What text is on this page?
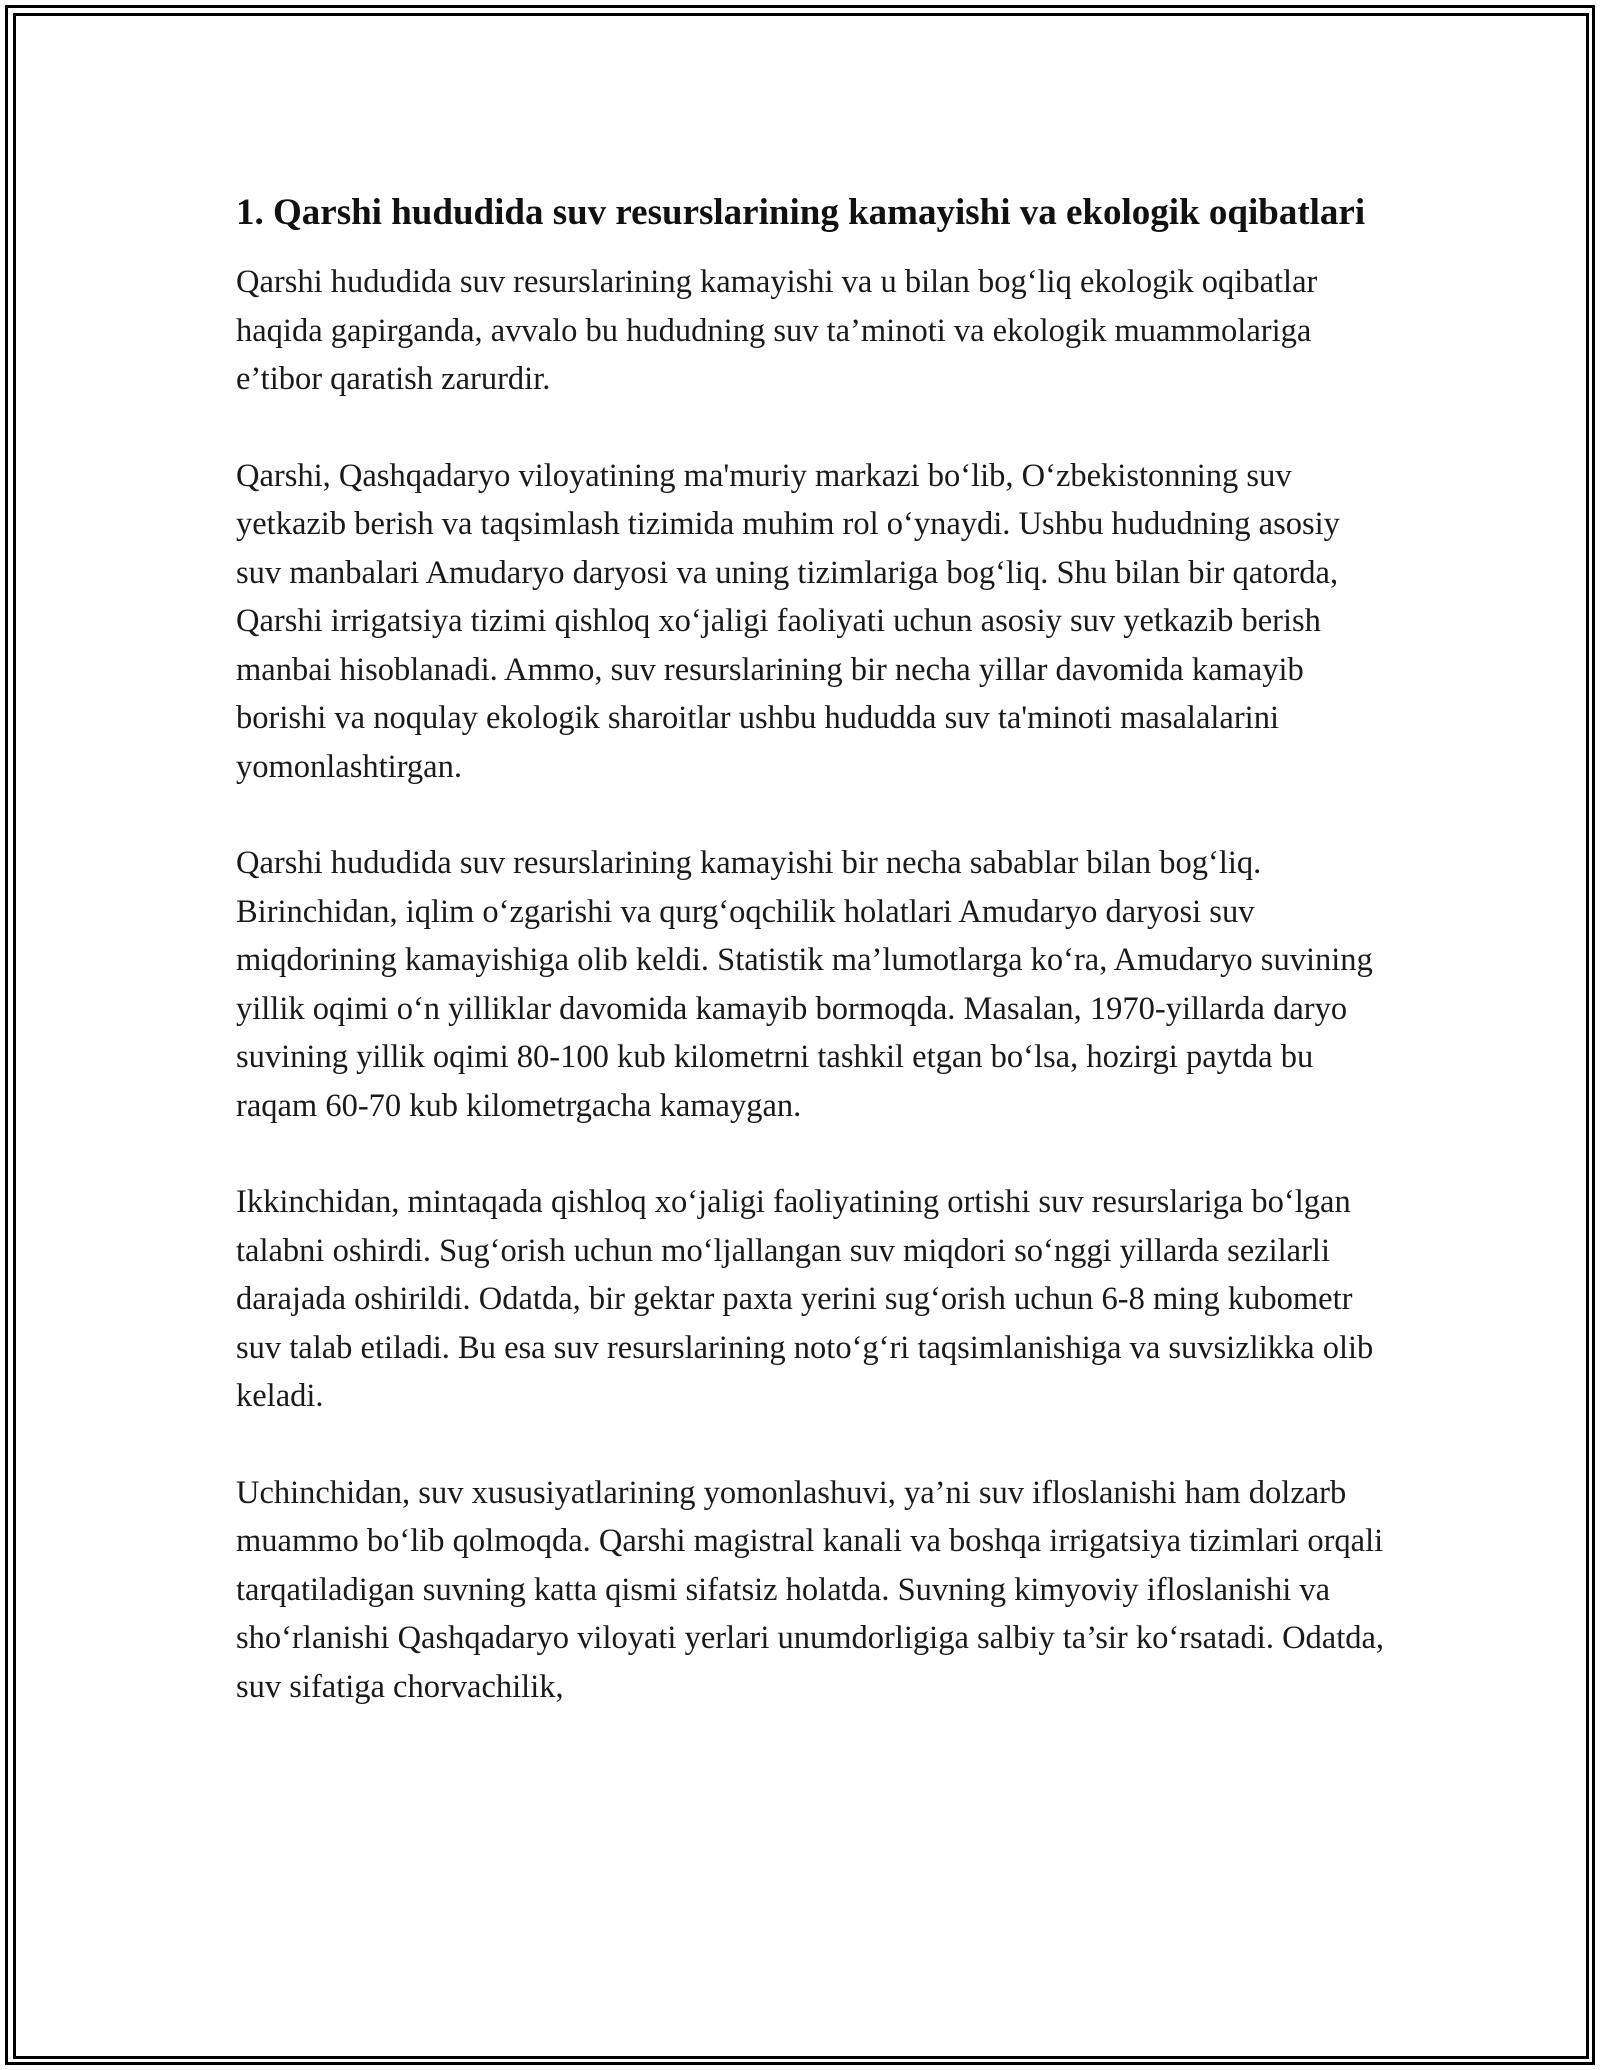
1. Qarshi hududida suv resurslarining kamayishi va ekologik oqibatlari

Qarshi hududida suv resurslarining kamayishi va u bilan bog‘liq ekologik oqibatlar haqida gapirganda, avvalo bu hududning suv ta’minoti va ekologik muammolariga e’tibor qaratish zarurdir.

Qarshi, Qashqadaryo viloyatining ma'muriy markazi bo‘lib, O‘zbekistonning suv yetkazib berish va taqsimlash tizimida muhim rol o‘ynaydi. Ushbu hududning asosiy suv manbalari Amudaryo daryosi va uning tizimlariga bog‘liq. Shu bilan bir qatorda, Qarshi irrigatsiya tizimi qishloq xo‘jaligi faoliyati uchun asosiy suv yetkazib berish manbai hisoblanadi. Ammo, suv resurslarining bir necha yillar davomida kamayib borishi va noqulay ekologik sharoitlar ushbu hududda suv ta'minoti masalalarini yomonlashtirgan.

Qarshi hududida suv resurslarining kamayishi bir necha sabablar bilan bog‘liq. Birinchidan, iqlim o‘zgarishi va qurg‘oqchilik holatlari Amudaryo daryosi suv miqdorining kamayishiga olib keldi. Statistik ma’lumotlarga ko‘ra, Amudaryo suvining yillik oqimi o‘n yilliklar davomida kamayib bormoqda. Masalan, 1970-yillarda daryo suvining yillik oqimi 80-100 kub kilometrni tashkil etgan bo‘lsa, hozirgi paytda bu raqam 60-70 kub kilometrgacha kamaygan.

Ikkinchidan, mintaqada qishloq xo‘jaligi faoliyatining ortishi suv resurslariga bo‘lgan talabni oshirdi. Sug‘orish uchun mo‘ljallangan suv miqdori so‘nggi yillarda sezilarli darajada oshirildi. Odatda, bir gektar paxta yerini sug‘orish uchun 6-8 ming kubometr suv talab etiladi. Bu esa suv resurslarining noto‘g‘ri taqsimlanishiga va suvsizlikka olib keladi.

Uchinchidan, suv xususiyatlarining yomonlashuvi, ya’ni suv ifloslanishi ham dolzarb muammo bo‘lib qolmoqda. Qarshi magistral kanali va boshqa irrigatsiya tizimlari orqali tarqatiladigan suvning katta qismi sifatsiz holatda. Suvning kimyoviy ifloslanishi va sho‘rlanishi Qashqadaryo viloyati yerlari unumdorligiga salbiy ta’sir ko‘rsatadi. Odatda, suv sifatiga chorvachilik,
